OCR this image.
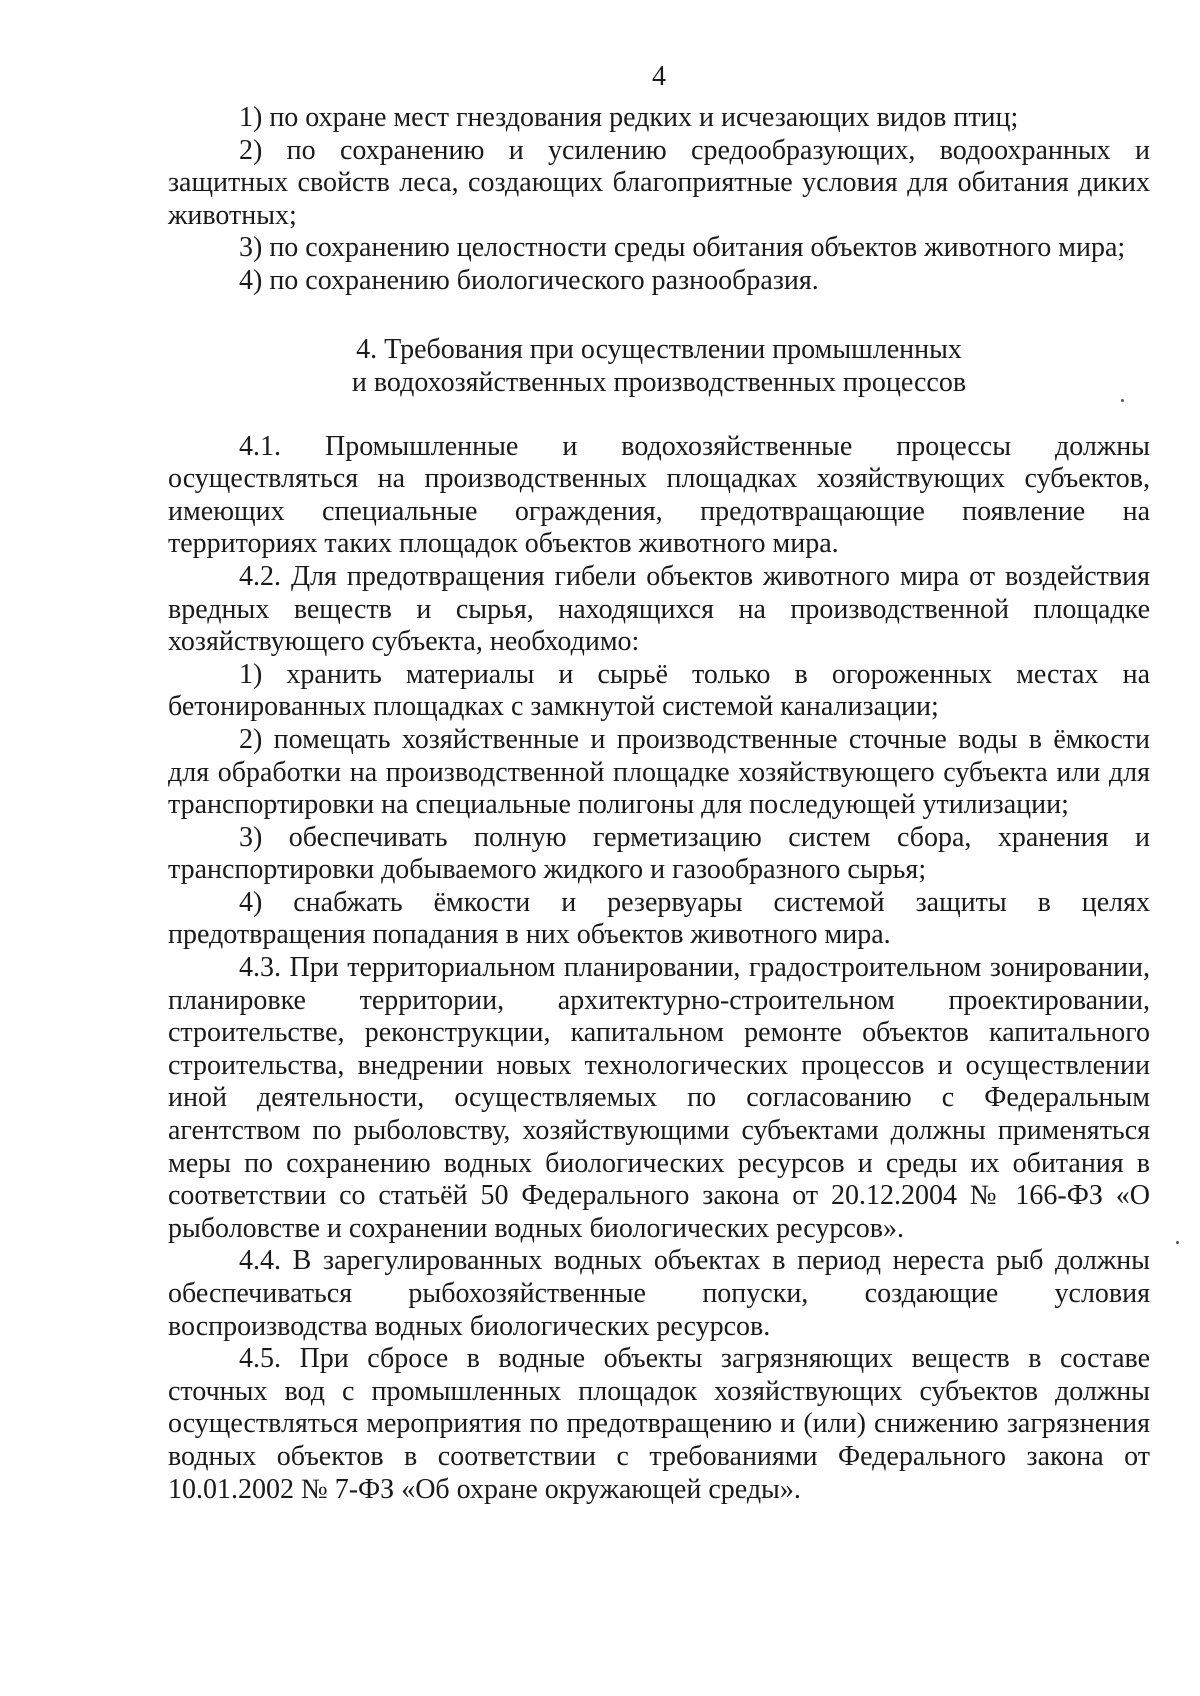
4

1) по охране мест гнездования редких и исчезающих видов птиц;

2) по сохранению и усилению средообразующих, водоохранных и защитных свойств леса, создающих благоприятные условия для обитания диких животных;

3) по сохранению целостности среды обитания объектов животного мира;

4) по сохранению биологического разнообразия.

4. Требования при осуществлении промышленных
и водохозяйственных производственных процессов

4.1. Промышленные и водохозяйственные процессы должны осуществляться на производственных площадках хозяйствующих субъектов, имеющих специальные ограждения, предотвращающие появление на территориях таких площадок объектов животного мира.

4.2. Для предотвращения гибели объектов животного мира от воздействия вредных веществ и сырья, находящихся на производственной площадке хозяйствующего субъекта, необходимо:

1) хранить материалы и сырьё только в огороженных местах на бетонированных площадках с замкнутой системой канализации;

2) помещать хозяйственные и производственные сточные воды в ёмкости для обработки на производственной площадке хозяйствующего субъекта или для транспортировки на специальные полигоны для последующей утилизации;

3) обеспечивать полную герметизацию систем сбора, хранения и транспортировки добываемого жидкого и газообразного сырья;

4) снабжать ёмкости и резервуары системой защиты в целях предотвращения попадания в них объектов животного мира.

4.3. При территориальном планировании, градостроительном зонировании, планировке территории, архитектурно-строительном проектировании, строительстве, реконструкции, капитальном ремонте объектов капитального строительства, внедрении новых технологических процессов и осуществлении иной деятельности, осуществляемых по согласованию с Федеральным агентством по рыболовству, хозяйствующими субъектами должны применяться меры по сохранению водных биологических ресурсов и среды их обитания в соответствии со статьёй 50 Федерального закона от 20.12.2004 № 166-ФЗ «О рыболовстве и сохранении водных биологических ресурсов».

4.4. В зарегулированных водных объектах в период нереста рыб должны обеспечиваться рыбохозяйственные попуски, создающие условия воспроизводства водных биологических ресурсов.

4.5. При сбросе в водные объекты загрязняющих веществ в составе сточных вод с промышленных площадок хозяйствующих субъектов должны осуществляться мероприятия по предотвращению и (или) снижению загрязнения водных объектов в соответствии с требованиями Федерального закона от 10.01.2002 № 7-ФЗ «Об охране окружающей среды».
